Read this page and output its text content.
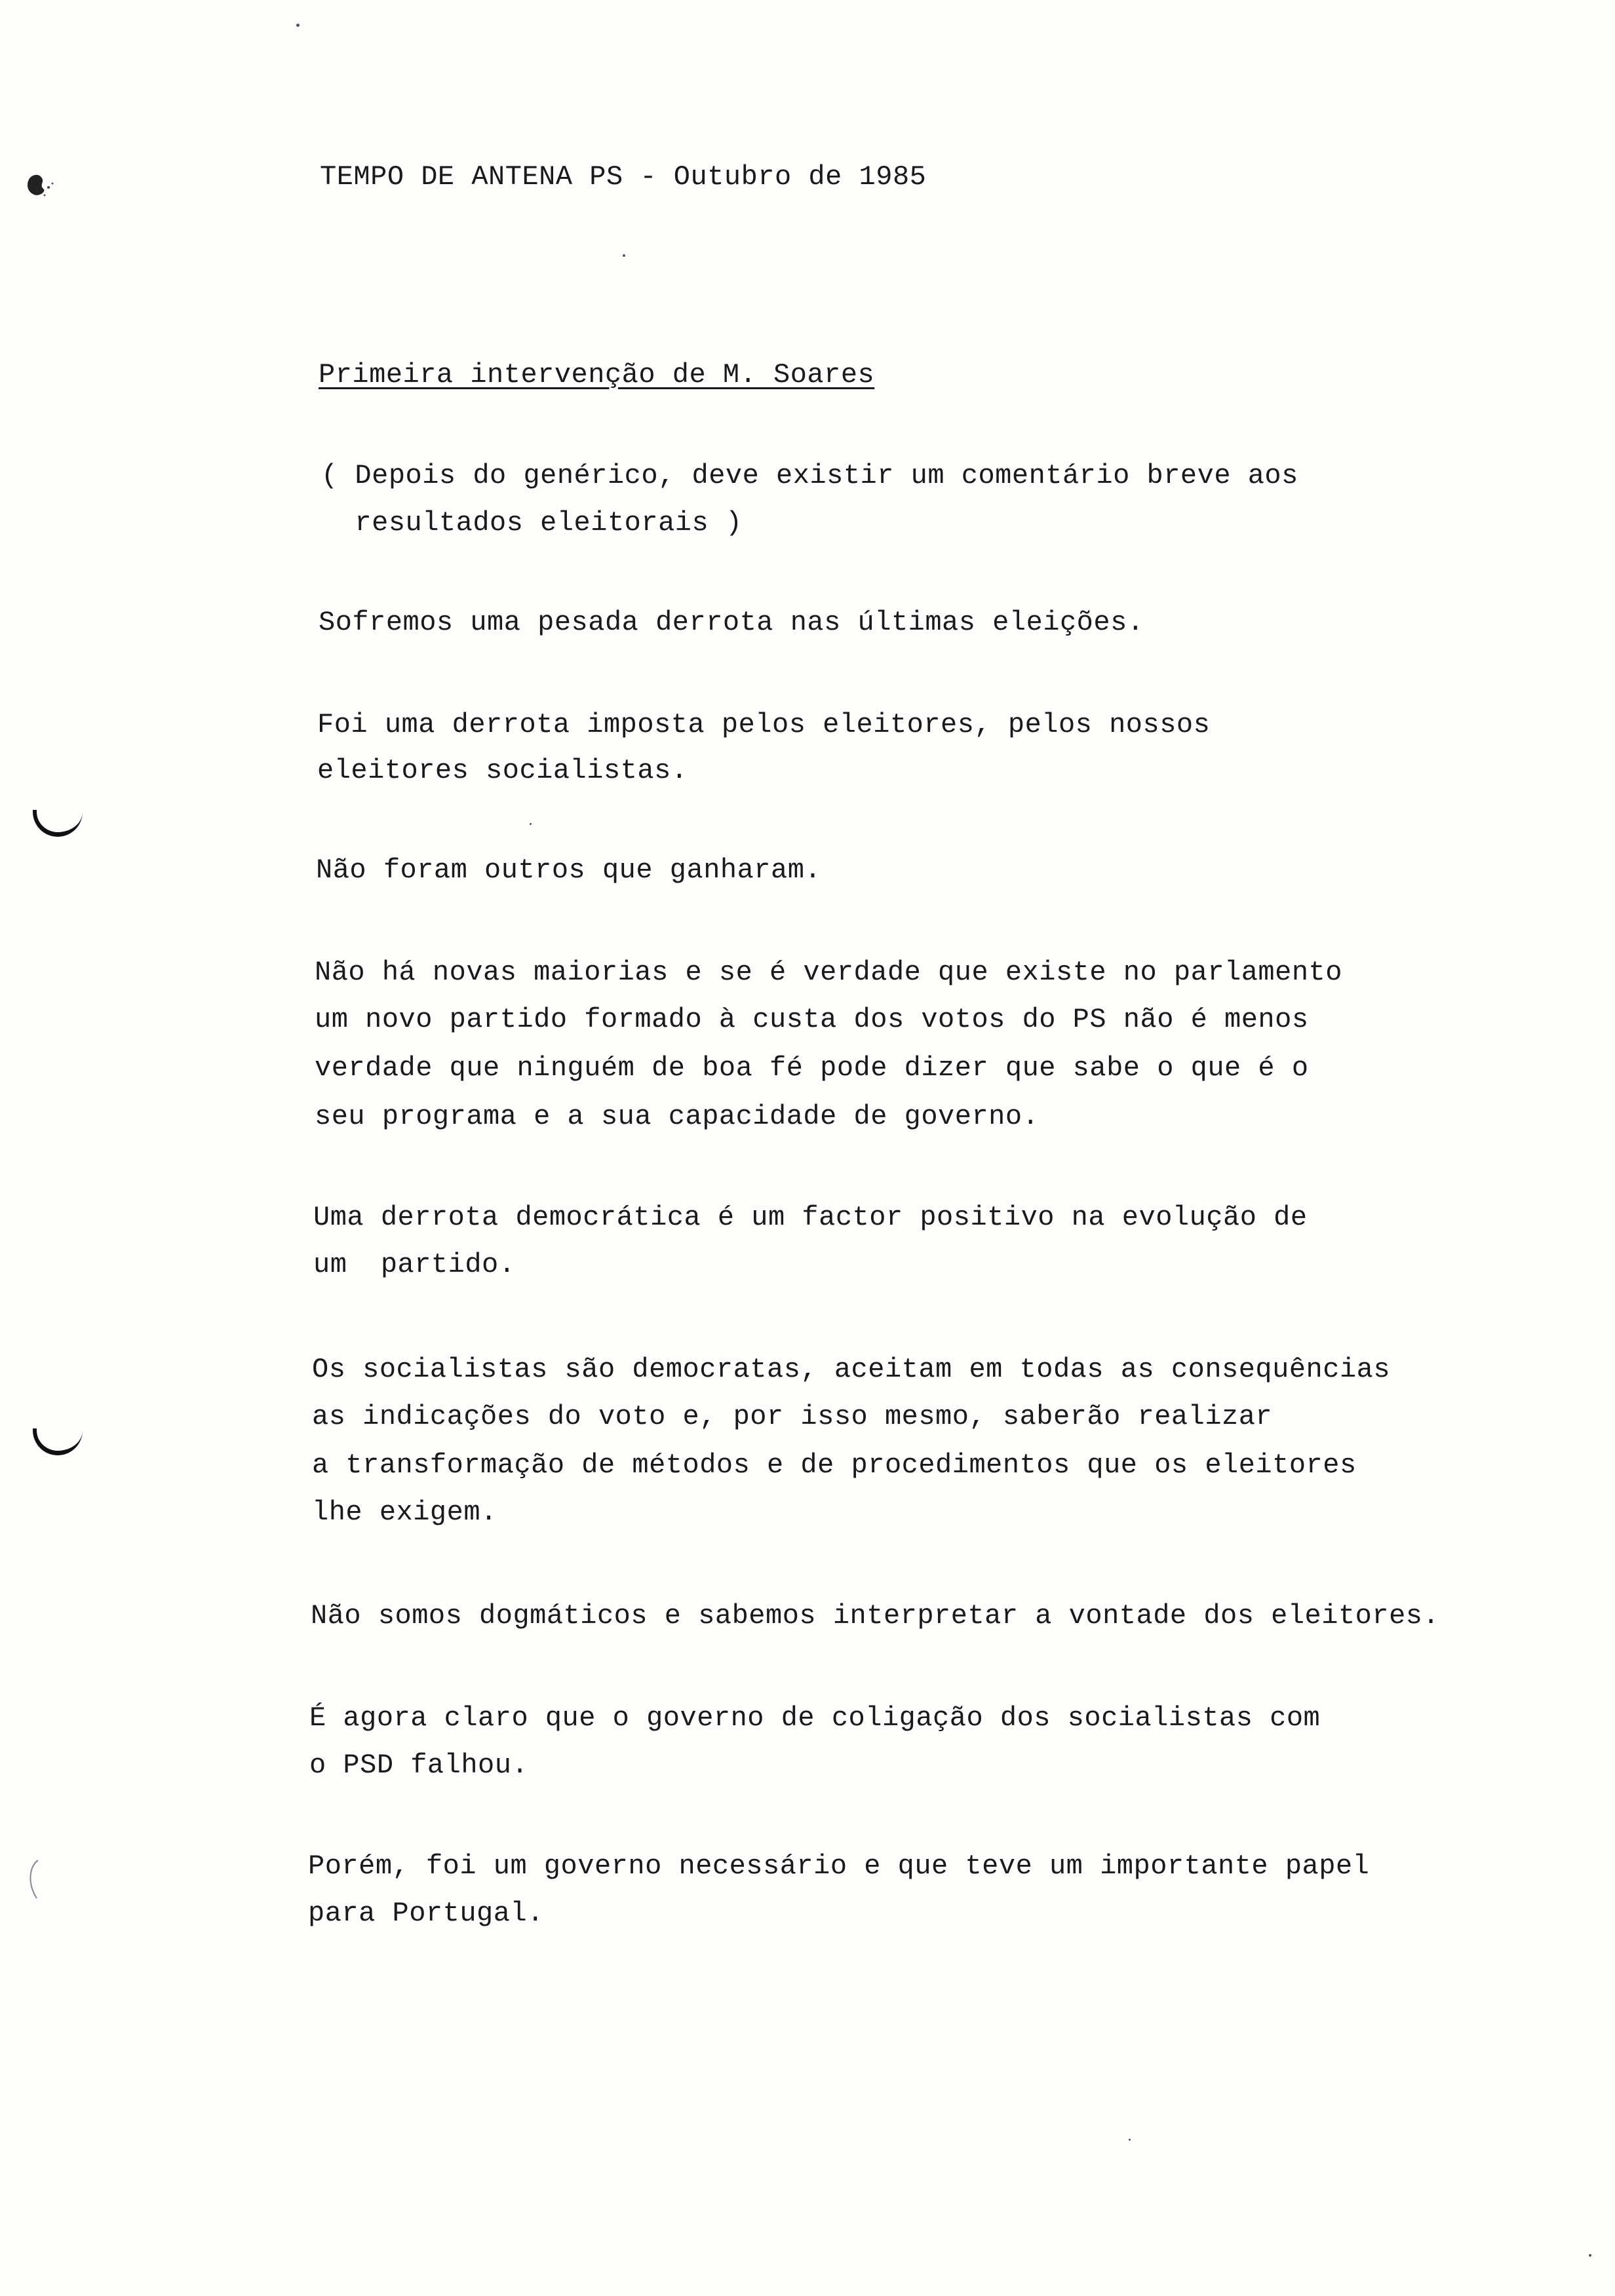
TEMPO DE ANTENA PS - Outubro de 1985
Primeira intervenção de M. Soares
( Depois do genérico, deve existir um comentário breve aos
resultados eleitorais )
Sofremos uma pesada derrota nas últimas eleições.
Foi uma derrota imposta pelos eleitores, pelos nossos
eleitores socialistas.
Não foram outros que ganharam.
Não há novas maiorias e se é verdade que existe no parlamento
um novo partido formado à custa dos votos do PS não é menos
verdade que ninguém de boa fé pode dizer que sabe o que é o
seu programa e a sua capacidade de governo.
Uma derrota democrática é um factor positivo na evolução de
um  partido.
Os socialistas são democratas, aceitam em todas as consequências
as indicações do voto e, por isso mesmo, saberão realizar
a transformação de métodos e de procedimentos que os eleitores
lhe exigem.
Não somos dogmáticos e sabemos interpretar a vontade dos eleitores.
É agora claro que o governo de coligação dos socialistas com
o PSD falhou.
Porém, foi um governo necessário e que teve um importante papel
para Portugal.
